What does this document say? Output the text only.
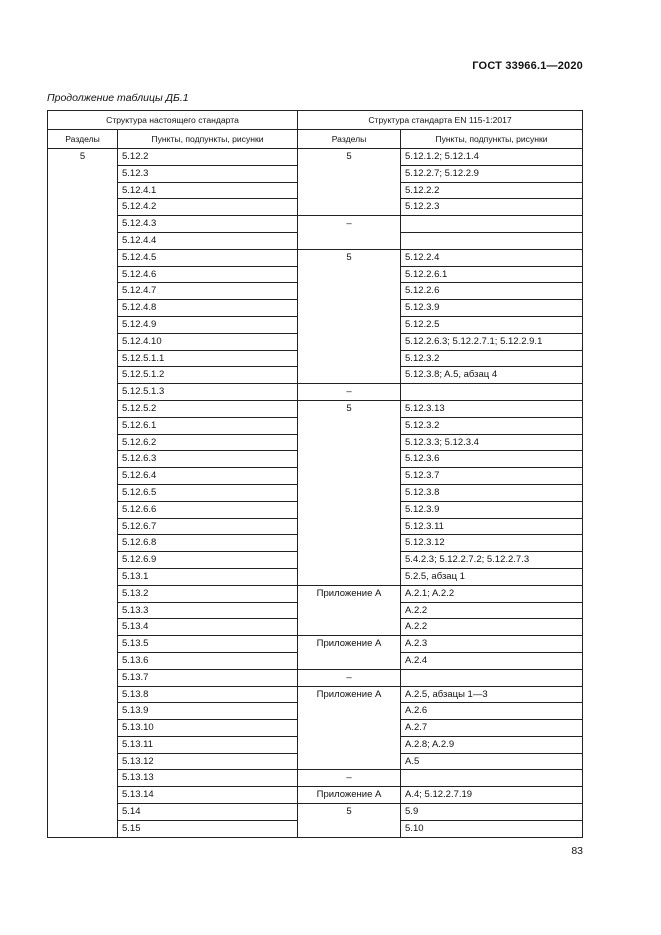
ГОСТ 33966.1—2020
Продолжение таблицы ДБ.1
Структура настоящего стандарта		Структура стандарта EN 115-1:2017	
Разделы	Пункты, подпункты, рисунки	Разделы	Пункты, подпункты, рисунки
5	5.12.2	5	5.12.1.2; 5.12.1.4
	5.12.3		5.12.2.7; 5.12.2.9
	5.12.4.1		5.12.2.2
	5.12.4.2		5.12.2.3
	5.12.4.3	–	
	5.12.4.4		
	5.12.4.5	5	5.12.2.4
	5.12.4.6		5.12.2.6.1
	5.12.4.7		5.12.2.6
	5.12.4.8		5.12.3.9
	5.12.4.9		5.12.2.5
	5.12.4.10		5.12.2.6.3; 5.12.2.7.1; 5.12.2.9.1
	5.12.5.1.1		5.12.3.2
	5.12.5.1.2		5.12.3.8; A.5, абзац 4
	5.12.5.1.3	–	
	5.12.5.2	5	5.12.3.13
	5.12.6.1		5.12.3.2
	5.12.6.2		5.12.3.3; 5.12.3.4
	5.12.6.3		5.12.3.6
	5.12.6.4		5.12.3.7
	5.12.6.5		5.12.3.8
	5.12.6.6		5.12.3.9
	5.12.6.7		5.12.3.11
	5.12.6.8		5.12.3.12
	5.12.6.9		5.4.2.3; 5.12.2.7.2; 5.12.2.7.3
	5.13.1		5.2.5, абзац 1
	5.13.2	Приложение А	A.2.1; A.2.2
	5.13.3		A.2.2
	5.13.4		A.2.2
	5.13.5	Приложение А	A.2.3
	5.13.6		A.2.4
	5.13.7	–	
	5.13.8	Приложение А	A.2.5, абзацы 1—3
	5.13.9		A.2.6
	5.13.10		A.2.7
	5.13.11		A.2.8; A.2.9
	5.13.12		A.5
	5.13.13	–	
	5.13.14	Приложение А	A.4; 5.12.2.7.19
	5.14	5	5.9
	5.15		5.10
83
